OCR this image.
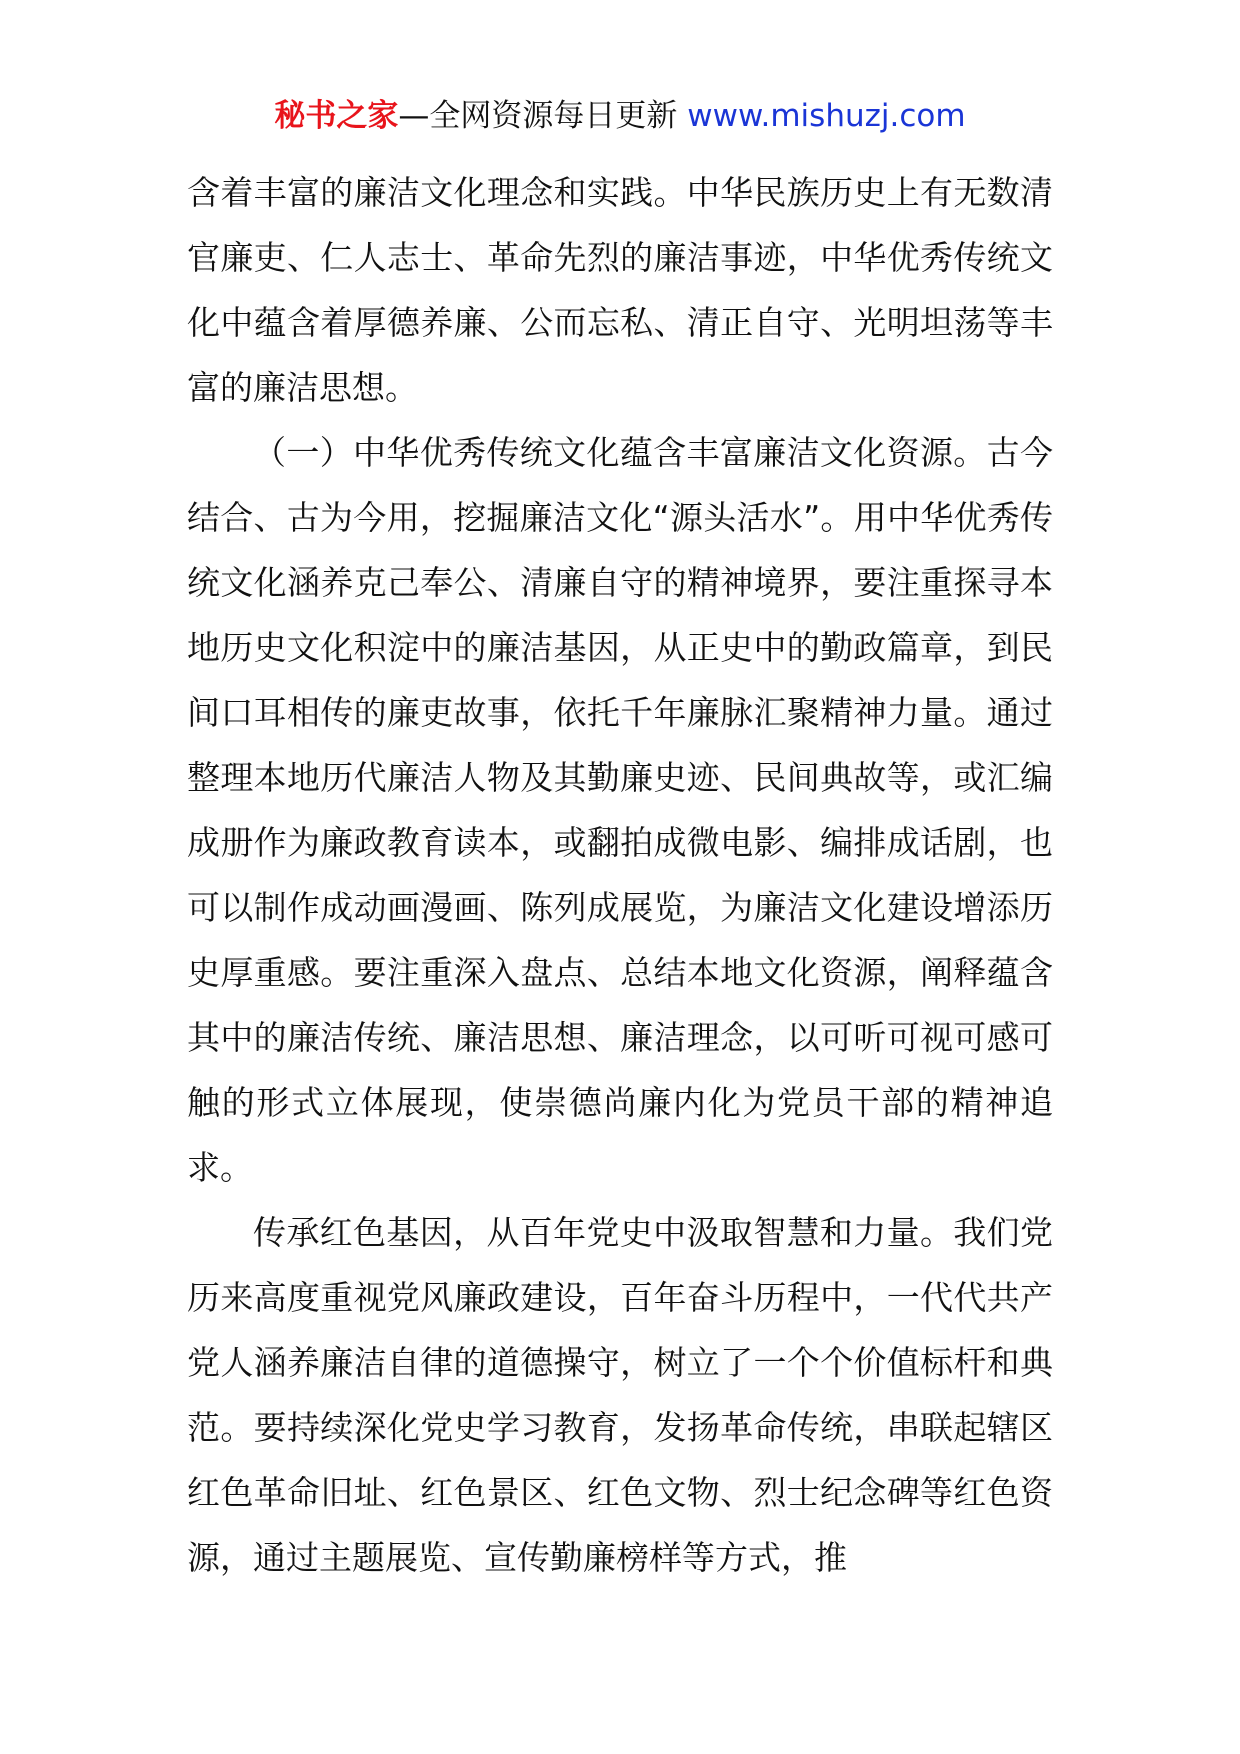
秘书之家—全网资源每日更新 www.mishuzj.com

含着丰富的廉洁文化理念和实践。中华民族历史上有无数清官廉吏、仁人志士、革命先烈的廉洁事迹，中华优秀传统文化中蕴含着厚德养廉、公而忘私、清正自守、光明坦荡等丰富的廉洁思想。

（一）中华优秀传统文化蕴含丰富廉洁文化资源。古今结合、古为今用，挖掘廉洁文化“源头活水”。用中华优秀传统文化涵养克己奉公、清廉自守的精神境界，要注重探寻本地历史文化积淀中的廉洁基因，从正史中的勤政篇章，到民间口耳相传的廉吏故事，依托千年廉脉汇聚精神力量。通过整理本地历代廉洁人物及其勤廉史迹、民间典故等，或汇编成册作为廉政教育读本，或翻拍成微电影、编排成话剧，也可以制作成动画漫画、陈列成展览，为廉洁文化建设增添历史厚重感。要注重深入盘点、总结本地文化资源，阐释蕴含其中的廉洁传统、廉洁思想、廉洁理念，以可听可视可感可触的形式立体展现，使崇德尚廉内化为党员干部的精神追求。

传承红色基因，从百年党史中汲取智慧和力量。我们党历来高度重视党风廉政建设，百年奋斗历程中，一代代共产党人涵养廉洁自律的道德操守，树立了一个个价值标杆和典范。要持续深化党史学习教育，发扬革命传统，串联起辖区红色革命旧址、红色景区、红色文物、烈士纪念碑等红色资源，通过主题展览、宣传勤廉榜样等方式，推
